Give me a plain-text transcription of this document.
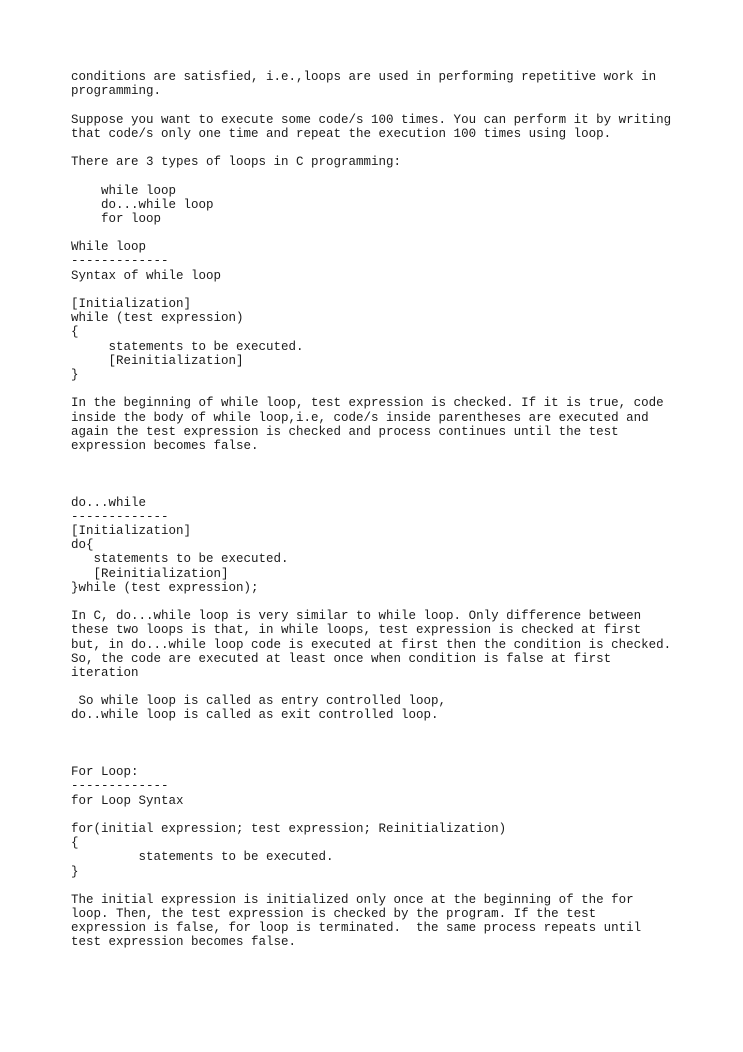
conditions are satisfied, i.e.,loops are used in performing repetitive work in
programming.
Suppose you want to execute some code/s 100 times. You can perform it by writing
that code/s only one time and repeat the execution 100 times using loop.
There are 3 types of loops in C programming:
while loop
do...while loop
for loop
While loop
-------------
Syntax of while loop
[Initialization]
while (test expression)
{
statements to be executed.
[Reinitialization]
}
In the beginning of while loop, test expression is checked. If it is true, code
inside the body of while loop,i.e, code/s inside parentheses are executed and
again the test expression is checked and process continues until the test
expression becomes false.
do...while
-------------
[Initialization]
do{
statements to be executed.
[Reinitialization]
}while (test expression);
In C, do...while loop is very similar to while loop. Only difference between
these two loops is that, in while loops, test expression is checked at first
but, in do...while loop code is executed at first then the condition is checked.
So, the code are executed at least once when condition is false at first
iteration
So while loop is called as entry controlled loop,
do..while loop is called as exit controlled loop.
For Loop:
-------------
for Loop Syntax
for(initial expression; test expression; Reinitialization)
{
statements to be executed.
}
The initial expression is initialized only once at the beginning of the for
loop. Then, the test expression is checked by the program. If the test
expression is false, for loop is terminated.  the same process repeats until
test expression becomes false.
